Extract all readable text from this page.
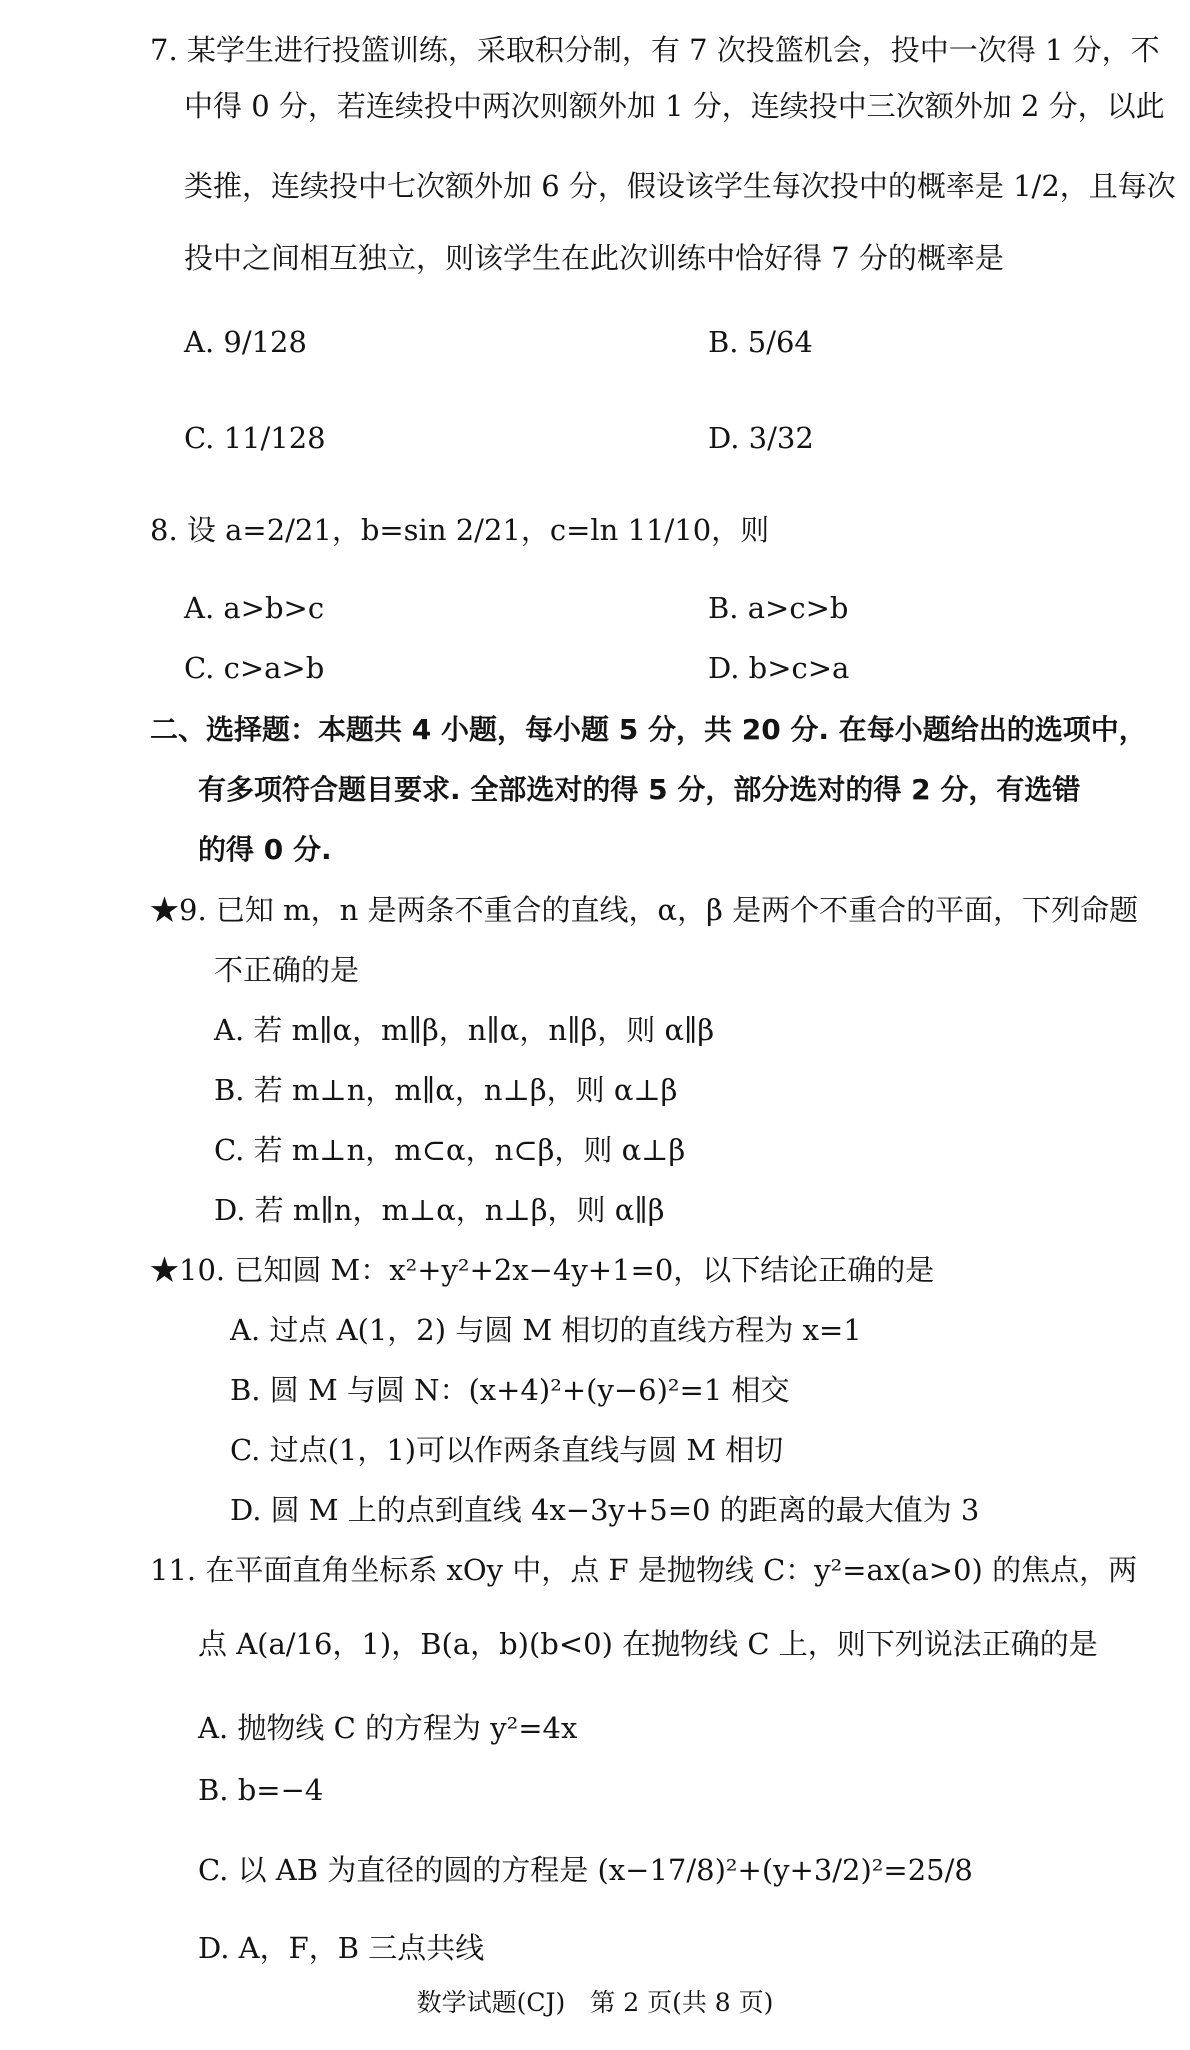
7. 某学生进行投篮训练，采取积分制，有 7 次投篮机会，投中一次得 1 分，不
中得 0 分，若连续投中两次则额外加 1 分，连续投中三次额外加 2 分，以此
类推，连续投中七次额外加 6 分，假设该学生每次投中的概率是 1/2，且每次
投中之间相互独立，则该学生在此次训练中恰好得 7 分的概率是
A. 9/128	B. 5/64
C. 11/128	D. 3/32
8. 设 a=2/21，b=sin 2/21，c=ln 11/10，则
A. a>b>c	B. a>c>b
C. c>a>b	D. b>c>a
二、选择题：本题共 4 小题，每小题 5 分，共 20 分. 在每小题给出的选项中，
有多项符合题目要求. 全部选对的得 5 分，部分选对的得 2 分，有选错
的得 0 分.
★9. 已知 m，n 是两条不重合的直线，α，β 是两个不重合的平面，下列命题
不正确的是
A. 若 m∥α，m∥β，n∥α，n∥β，则 α∥β
B. 若 m⊥n，m∥α，n⊥β，则 α⊥β
C. 若 m⊥n，m⊂α，n⊂β，则 α⊥β
D. 若 m∥n，m⊥α，n⊥β，则 α∥β
★10. 已知圆 M：x²+y²+2x−4y+1=0，以下结论正确的是
A. 过点 A(1，2) 与圆 M 相切的直线方程为 x=1
B. 圆 M 与圆 N：(x+4)²+(y−6)²=1 相交
C. 过点(1，1)可以作两条直线与圆 M 相切
D. 圆 M 上的点到直线 4x−3y+5=0 的距离的最大值为 3
11. 在平面直角坐标系 xOy 中，点 F 是抛物线 C：y²=ax(a>0) 的焦点，两
点 A(a/16，1)，B(a，b)(b<0) 在抛物线 C 上，则下列说法正确的是
A. 抛物线 C 的方程为 y²=4x
B. b=−4
C. 以 AB 为直径的圆的方程是 (x−17/8)²+(y+3/2)²=25/8
D. A，F，B 三点共线
数学试题(CJ)　第 2 页(共 8 页)
